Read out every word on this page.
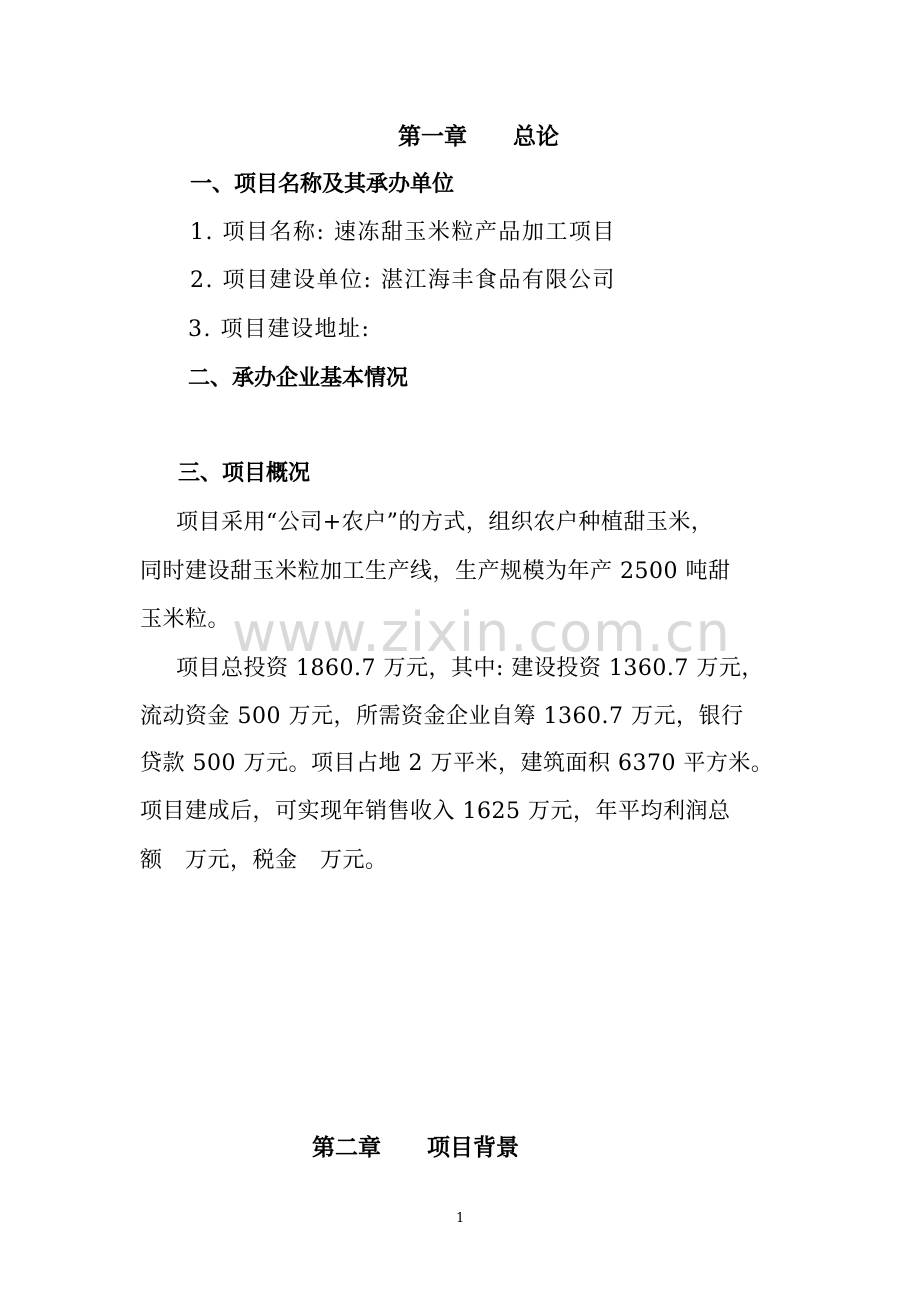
第一章　　总论
一、项目名称及其承办单位
1. 项目名称: 速冻甜玉米粒产品加工项目
2. 项目建设单位: 湛江海丰食品有限公司
3. 项目建设地址:
二、承办企业基本情况
三、项目概况
项目采用“公司+农户”的方式，组织农户种植甜玉米，
同时建设甜玉米粒加工生产线，生产规模为年产 2500 吨甜
玉米粒。
项目总投资 1860.7 万元，其中: 建设投资 1360.7 万元，
流动资金 500 万元，所需资金企业自筹 1360.7 万元，银行
贷款 500 万元。项目占地 2 万平米，建筑面积 6370 平方米。
项目建成后，可实现年销售收入 1625 万元，年平均利润总
额　万元，税金　万元。
www.zixin.com.cn
第二章　　项目背景
1
